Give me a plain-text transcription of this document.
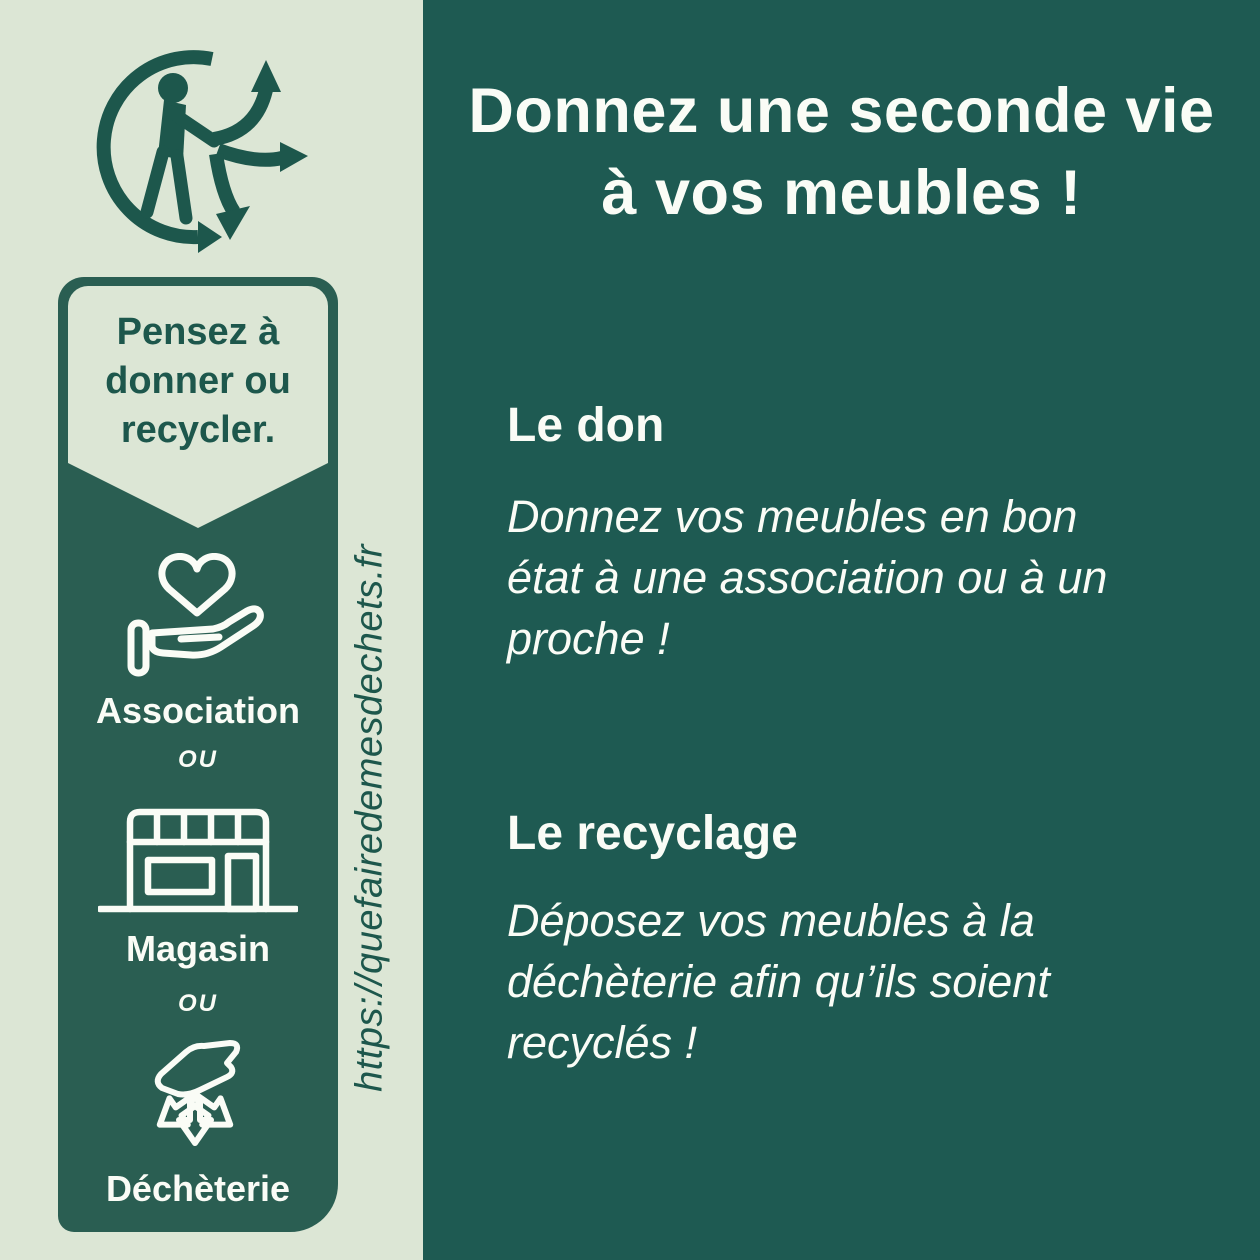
Donnez une seconde vie
à vos meubles !
Le don
Donnez vos meubles en bon
état à une association ou à un
proche !
Le recyclage
Déposez vos meubles à la
déchèterie afin qu’ils soient
recyclés !
Pensez à
donner ou
recycler.
Association
OU
Magasin
OU
Déchèterie
https://quefairedemesdechets.fr
